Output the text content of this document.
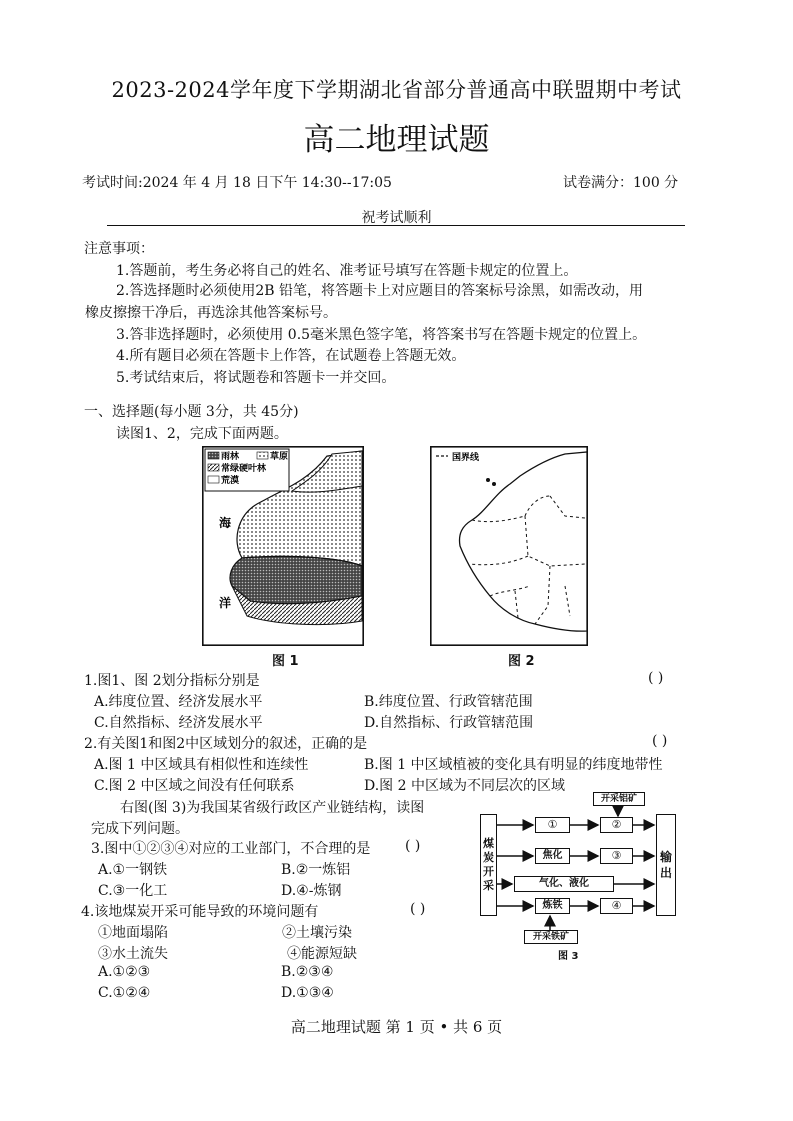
2023-2024学年度下学期湖北省部分普通高中联盟期中考试
高二地理试题
考试时间:2024 年 4 月 18 日下午 14:30--17:05	试卷满分：100 分
祝考试顺利
注意事项：
1.答题前，考生务必将自己的姓名、准考证号填写在答题卡规定的位置上。
2.答选择题时必须使用2B 铅笔，将答题卡上对应题目的答案标号涂黑，如需改动，用
橡皮擦擦干净后，再选涂其他答案标号。
3.答非选择题时，必须使用 0.5毫米黑色签字笔，将答案书写在答题卡规定的位置上。
4.所有题目必须在答题卡上作答，在试题卷上答题无效。
5.考试结束后，将试题卷和答题卡一并交回。
一、选择题(每小题 3分，共 45分)
读图1、2，完成下面两题。
雨林	草原
常绿硬叶林
荒漠
海
洋
图 1
国界线
图 2
1.图1、图 2划分指标分别是	( )
A.纬度位置、经济发展水平	B.纬度位置、行政管辖范围
C.自然指标、经济发展水平	D.自然指标、行政管辖范围
2.有关图1和图2中区域划分的叙述，正确的是	( )
A.图 1 中区域具有相似性和连续性	B.图 1 中区域植被的变化具有明显的纬度地带性
C.图 2 中区域之间没有任何联系	D.图 2 中区域为不同层次的区域
右图(图 3)为我国某省级行政区产业链结构，读图
完成下列问题。
3.图中①②③④对应的工业部门，不合理的是 ( )
A.①一钢铁	B.②一炼铝
C.③一化工	D.④-炼钢
4.该地煤炭开采可能导致的环境问题有	( )
①地面塌陷	②土壤污染
③水土流失	④能源短缺
A.①②③	B.②③④
C.①②④	D.①③④
煤
炭
开
采
输
出
开采铝矿
开采铁矿
①
焦化
气化、液化
炼铁
②
③
④
图 3
高二地理试题 第 1 页 • 共 6 页
